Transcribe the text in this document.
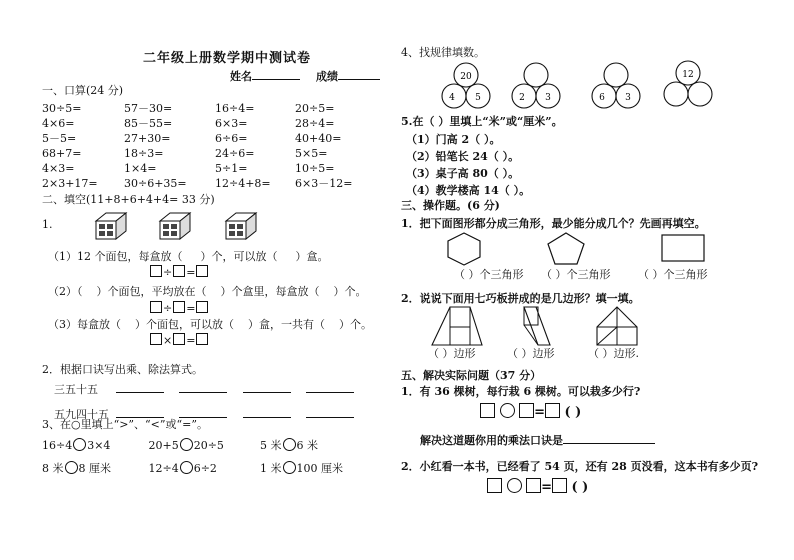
二年级上册数学期中测试卷
姓名	成绩
一、口算(24 分)
30÷5=	57－30=	16÷4=	20÷5=
4×6=	85－55=	6×3=	28÷4=
5－5=	27+30=	6÷6=	40+40=
68+7=	18÷3=	24÷6=	5×5=
4×3=	1×4=	5÷1=	10÷5=
2×3+17=	30÷6+35=	12÷4+8=	6×3－12=
二、填空(11+8+6+4+4= 33 分)
1.
（1）12 个面包，每盒放（ ）个，可以放（ ）盒。
÷ =
（2）（ ）个面包，平均放在（ ）个盒里，每盒放（ ）个。
÷ =
（3）每盒放（ ）个面包，可以放（ ）盒，一共有（ ）个。
× =
2．根据口诀写出乘、除法算式。
三五十五
五九四十五
3、在○里填上“>”、“<”或“=”。
16÷4 3×4	20+5 20÷5	5 米 6 米
8 米 8 厘米	12÷4 6÷2	1 米 100 厘米
4、找规律填数。
20
4 5	2 3	6 3
12
5.在（ ）里填上“米”或“厘米”。
（1）门高 2（ ）。
（2）铅笔长 24（ ）。
（3）桌子高 80（ ）。
（4）教学楼高 14（ ）。
三、操作题。(6 分)
1．把下面图形都分成三角形，最少能分成几个？先画再填空。
（ ）个三角形 （ ）个三角形	（ ）个三角形
2．说说下面用七巧板拼成的是几边形？填一填。
（ ）边形	（ ）边形	（ ）边形.
五、解决实际问题（37 分）
1．有 36 棵树，每行栽 6 棵树。可以栽多少行?
= ( )
解决这道题你用的乘法口诀是
2．小红看一本书，已经看了 54 页，还有 28 页没看，这本书有多少页?
= ( )
